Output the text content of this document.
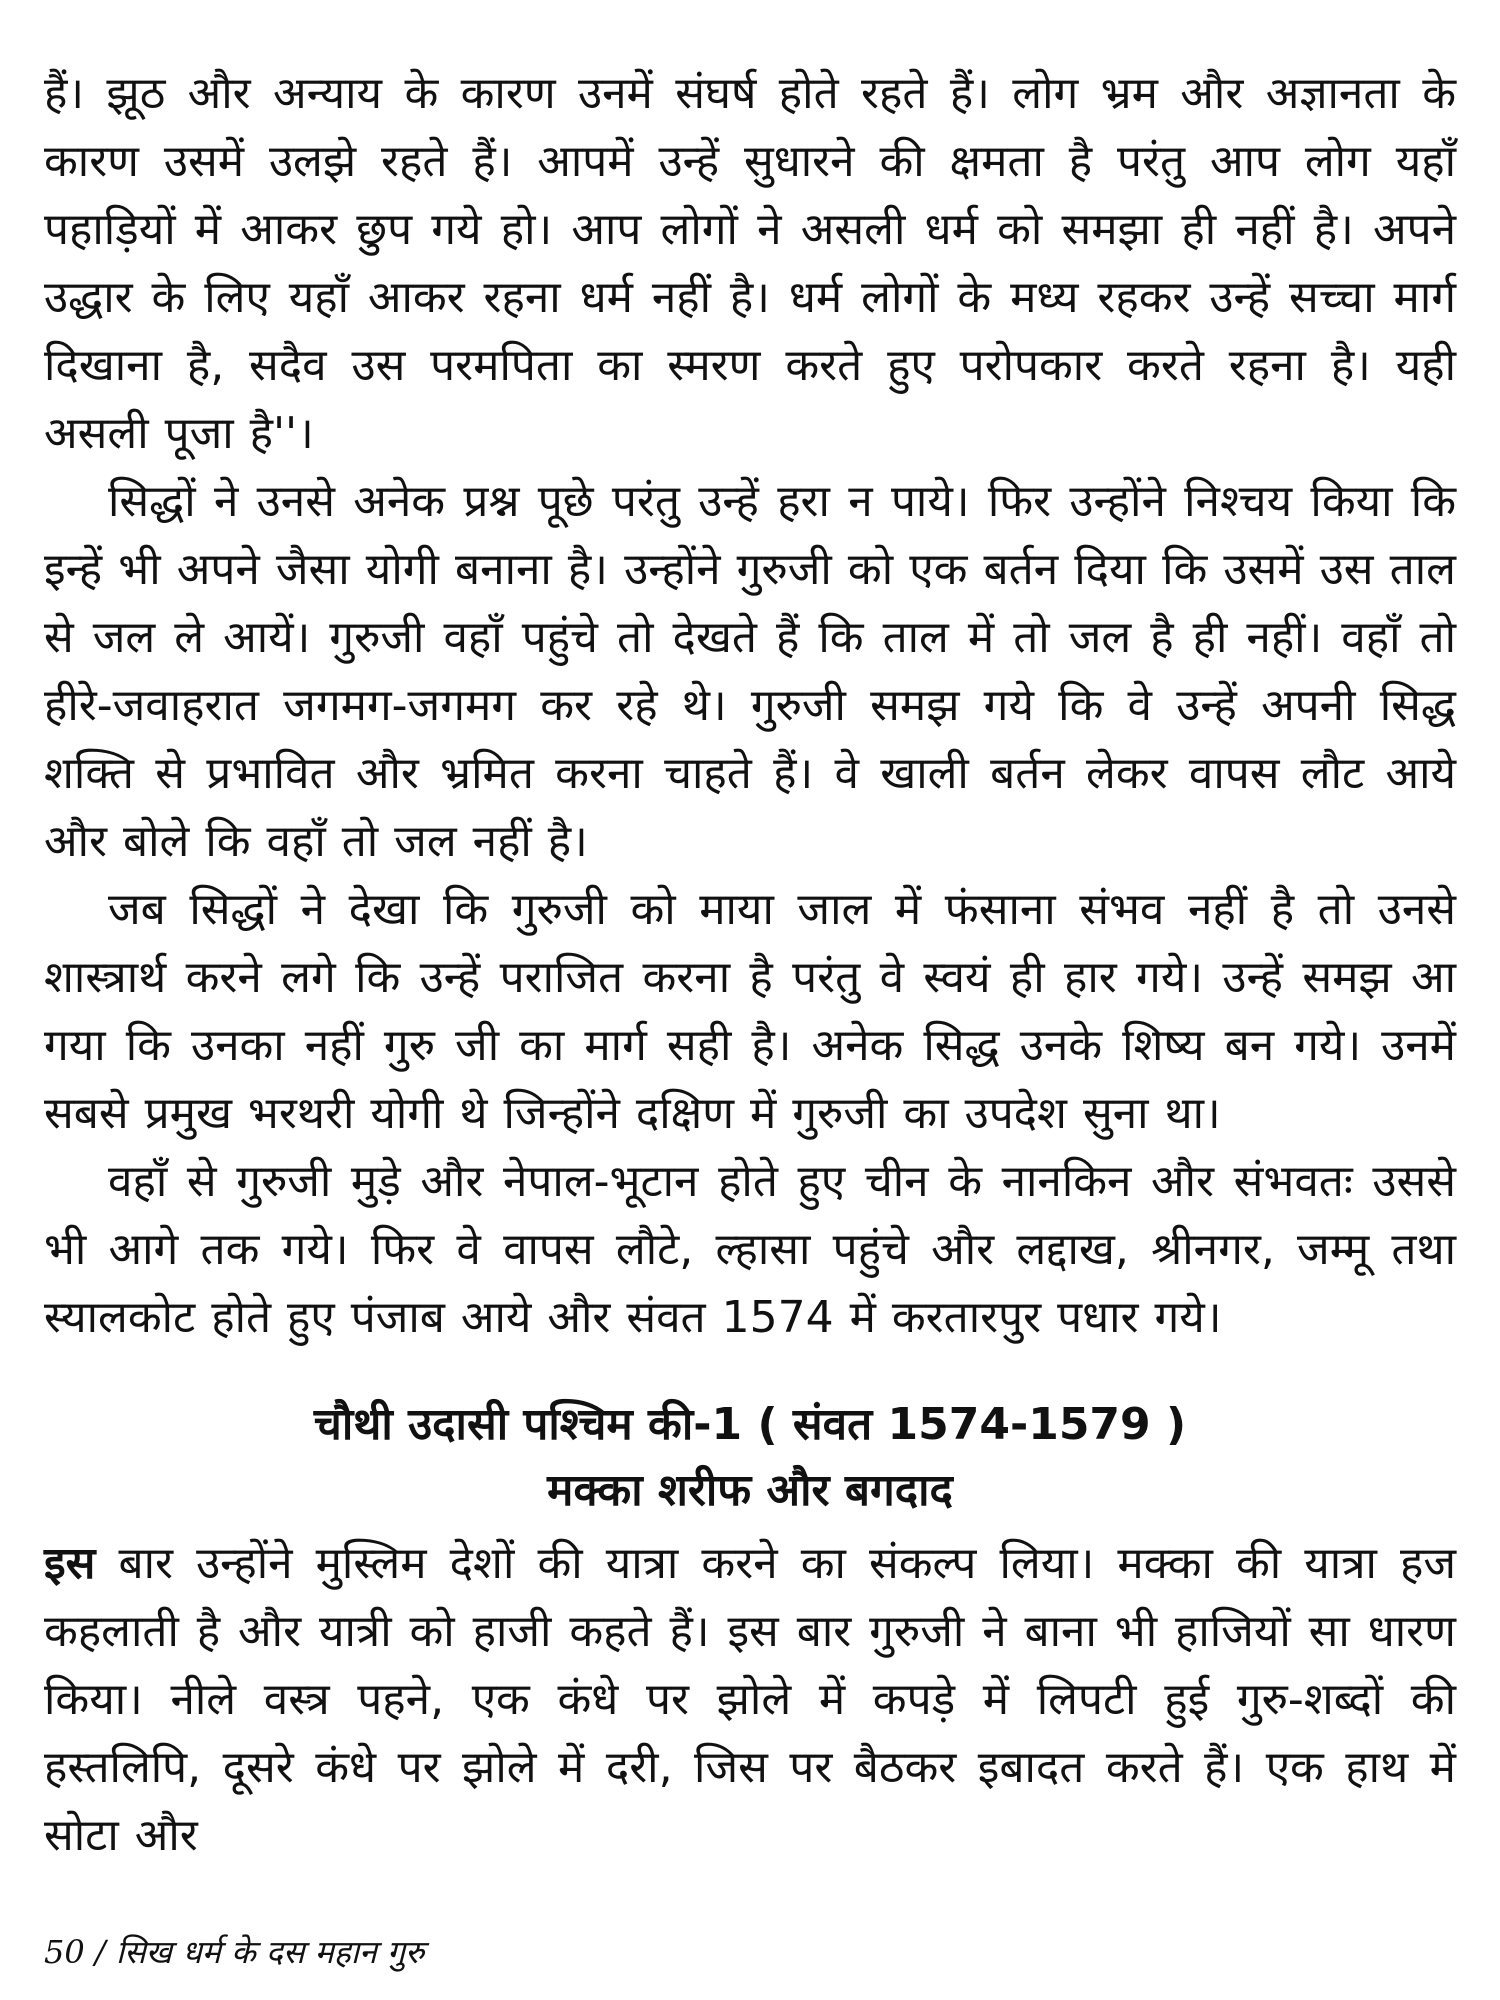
हैं। झूठ और अन्याय के कारण उनमें संघर्ष होते रहते हैं। लोग भ्रम और अज्ञानता के कारण उसमें उलझे रहते हैं। आपमें उन्हें सुधारने की क्षमता है परंतु आप लोग यहाँ पहाड़ियों में आकर छुप गये हो। आप लोगों ने असली धर्म को समझा ही नहीं है। अपने उद्धार के लिए यहाँ आकर रहना धर्म नहीं है। धर्म लोगों के मध्य रहकर उन्हें सच्चा मार्ग दिखाना है, सदैव उस परमपिता का स्मरण करते हुए परोपकार करते रहना है। यही असली पूजा है''।

सिद्धों ने उनसे अनेक प्रश्न पूछे परंतु उन्हें हरा न पाये। फिर उन्होंने निश्चय किया कि इन्हें भी अपने जैसा योगी बनाना है। उन्होंने गुरुजी को एक बर्तन दिया कि उसमें उस ताल से जल ले आयें। गुरुजी वहाँ पहुंचे तो देखते हैं कि ताल में तो जल है ही नहीं। वहाँ तो हीरे-जवाहरात जगमग-जगमग कर रहे थे। गुरुजी समझ गये कि वे उन्हें अपनी सिद्ध शक्ति से प्रभावित और भ्रमित करना चाहते हैं। वे खाली बर्तन लेकर वापस लौट आये और बोले कि वहाँ तो जल नहीं है।

जब सिद्धों ने देखा कि गुरुजी को माया जाल में फंसाना संभव नहीं है तो उनसे शास्त्रार्थ करने लगे कि उन्हें पराजित करना है परंतु वे स्वयं ही हार गये। उन्हें समझ आ गया कि उनका नहीं गुरु जी का मार्ग सही है। अनेक सिद्ध उनके शिष्य बन गये। उनमें सबसे प्रमुख भरथरी योगी थे जिन्होंने दक्षिण में गुरुजी का उपदेश सुना था।

वहाँ से गुरुजी मुड़े और नेपाल-भूटान होते हुए चीन के नानकिन और संभवतः उससे भी आगे तक गये। फिर वे वापस लौटे, ल्हासा पहुंचे और लद्दाख, श्रीनगर, जम्मू तथा स्यालकोट होते हुए पंजाब आये और संवत 1574 में करतारपुर पधार गये।

चौथी उदासी पश्चिम की-1 ( संवत 1574-1579 )
मक्का शरीफ और बगदाद

इस बार उन्होंने मुस्लिम देशों की यात्रा करने का संकल्प लिया। मक्का की यात्रा हज कहलाती है और यात्री को हाजी कहते हैं। इस बार गुरुजी ने बाना भी हाजियों सा धारण किया। नीले वस्त्र पहने, एक कंधे पर झोले में कपड़े में लिपटी हुई गुरु-शब्दों की हस्तलिपि, दूसरे कंधे पर झोले में दरी, जिस पर बैठकर इबादत करते हैं। एक हाथ में सोटा और

50 / सिख धर्म के दस महान गुरु
